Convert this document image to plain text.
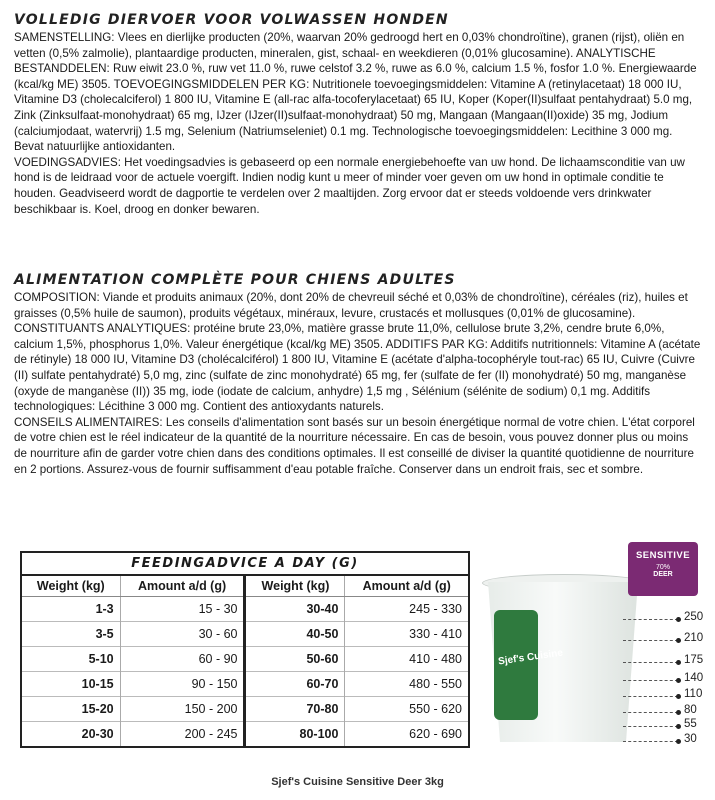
VOLLEDIG DIERVOER VOOR VOLWASSEN HONDEN

SAMENSTELLING: Vlees en dierlijke producten (20%, waarvan 20% gedroogd hert en 0,03% chondroïtine), granen (rijst), oliën en vetten (0,5% zalmolie), plantaardige producten, mineralen, gist, schaal- en weekdieren (0,01% glucosamine). ANALYTISCHE BESTANDDELEN: Ruw eiwit 23.0 %, ruw vet 11.0 %, ruwe celstof 3.2 %, ruwe as 6.0 %, calcium 1.5 %, fosfor 1.0 %. Energiewaarde (kcal/kg ME) 3505. TOEVOEGINGSMIDDELEN PER KG: Nutritionele toevoegingsmiddelen: Vitamine A (retinylacetaat) 18 000 IU, Vitamine D3 (cholecalciferol) 1 800 IU, Vitamine E (all-rac alfa-tocoferylacetaat) 65 IU, Koper (Koper(II)sulfaat pentahydraat) 5.0 mg, Zink (Zinksulfaat-monohydraat) 65 mg, IJzer (IJzer(II)sulfaat-monohydraat) 50 mg, Mangaan (Mangaan(II)oxide) 35 mg, Jodium (calciumjodaat, watervrij) 1.5 mg, Selenium (Natriumseleniet) 0.1 mg. Technologische toevoegingsmiddelen: Lecithine 3 000 mg. Bevat natuurlijke antioxidanten.

VOEDINGSADVIES: Het voedingsadvies is gebaseerd op een normale energiebehoefte van uw hond. De lichaamsconditie van uw hond is de leidraad voor de actuele voergift. Indien nodig kunt u meer of minder voer geven om uw hond in optimale conditie te houden. Geadviseerd wordt de dagportie te verdelen over 2 maaltijden. Zorg ervoor dat er steeds voldoende vers drinkwater beschikbaar is. Koel, droog en donker bewaren.

ALIMENTATION COMPLÈTE POUR CHIENS ADULTES

COMPOSITION: Viande et produits animaux (20%, dont 20% de chevreuil séché et 0,03% de chondroïtine), céréales (riz), huiles et graisses (0,5% huile de saumon), produits végétaux, minéraux, levure, crustacés et mollusques (0,01% de glucosamine). CONSTITUANTS ANALYTIQUES: protéine brute 23,0%, matière grasse brute 11,0%, cellulose brute 3,2%, cendre brute 6,0%, calcium 1,5%, phosphorus 1,0%. Valeur énergétique (kcal/kg ME) 3505. ADDITIFS PAR KG: Additifs nutritionnels: Vitamine A (acétate de rétinyle) 18 000 IU, Vitamine D3 (cholécalciférol) 1 800 IU, Vitamine E (acétate d'alpha-tocophéryle tout-rac) 65 IU, Cuivre (Cuivre (II) sulfate pentahydraté) 5,0 mg, zinc (sulfate de zinc monohydraté) 65 mg, fer (sulfate de fer (II) monohydraté) 50 mg, manganèse (oxyde de manganèse (II)) 35 mg, iode (iodate de calcium, anhydre) 1,5 mg , Sélénium (sélénite de sodium) 0,1 mg. Additifs technologiques: Lécithine 3 000 mg. Contient des antioxydants naturels.

CONSEILS ALIMENTAIRES: Les conseils d'alimentation sont basés sur un besoin énergétique normal de votre chien. L'état corporel de votre chien est le réel indicateur de la quantité de la nourriture nécessaire. En cas de besoin, vous pouvez donner plus ou moins de nourriture afin de garder votre chien dans des conditions optimales. Il est conseillé de diviser la quantité quotidienne de nourriture en 2 portions. Assurez-vous de fournir suffisamment d'eau potable fraîche. Conserver dans un endroit frais, sec et sombre.

FEEDINGADVICE A DAY (G)
Weight (kg)	Amount a/d (g)	Weight (kg)	Amount a/d (g)
1-3	15 - 30	30-40	245 - 330
3-5	30 - 60	40-50	330 - 410
5-10	60 - 90	50-60	410 - 480
10-15	90 - 150	60-70	480 - 550
15-20	150 - 200	70-80	550 - 620
20-30	200 - 245	80-100	620 - 690
Sjef's Cuisine
SENSITIVE
70%
DEER
250
210
175
140
110
80
55
30
Sjef's Cuisine Sensitive Deer 3kg
